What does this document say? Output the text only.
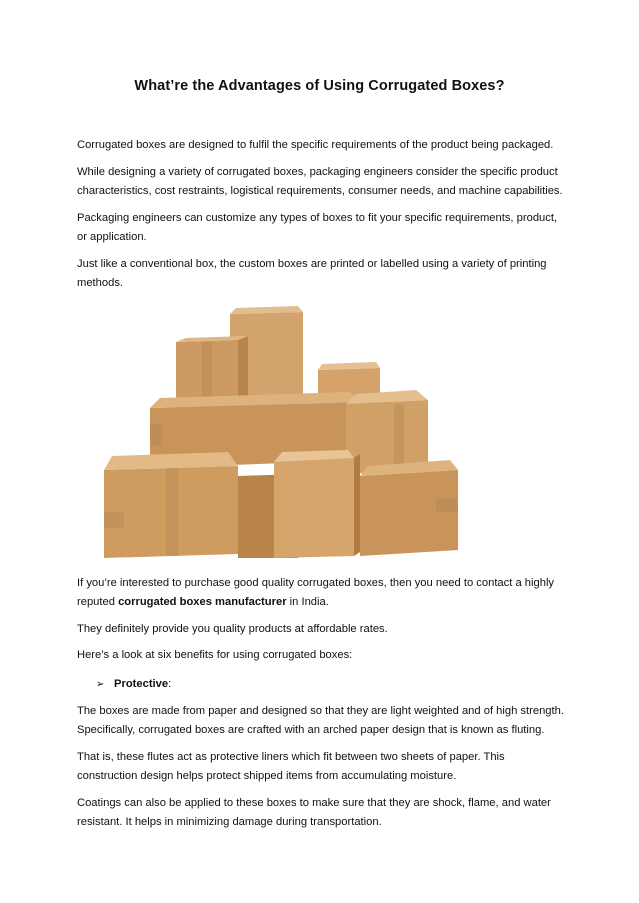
What’re the Advantages of Using Corrugated Boxes?

Corrugated boxes are designed to fulfil the specific requirements of the product being packaged.

While designing a variety of corrugated boxes, packaging engineers consider the specific product characteristics, cost restraints, logistical requirements, consumer needs, and machine capabilities.

Packaging engineers can customize any types of boxes to fit your specific requirements, product, or application.

Just like a conventional box, the custom boxes are printed or labelled using a variety of printing methods.

If you’re interested to purchase good quality corrugated boxes, then you need to contact a highly reputed corrugated boxes manufacturer in India.

They definitely provide you quality products at affordable rates.

Here’s a look at six benefits for using corrugated boxes:

➢ Protective:

The boxes are made from paper and designed so that they are light weighted and of high strength. Specifically, corrugated boxes are crafted with an arched paper design that is known as fluting.

That is, these flutes act as protective liners which fit between two sheets of paper. This construction design helps protect shipped items from accumulating moisture.

Coatings can also be applied to these boxes to make sure that they are shock, flame, and water resistant. It helps in minimizing damage during transportation.
